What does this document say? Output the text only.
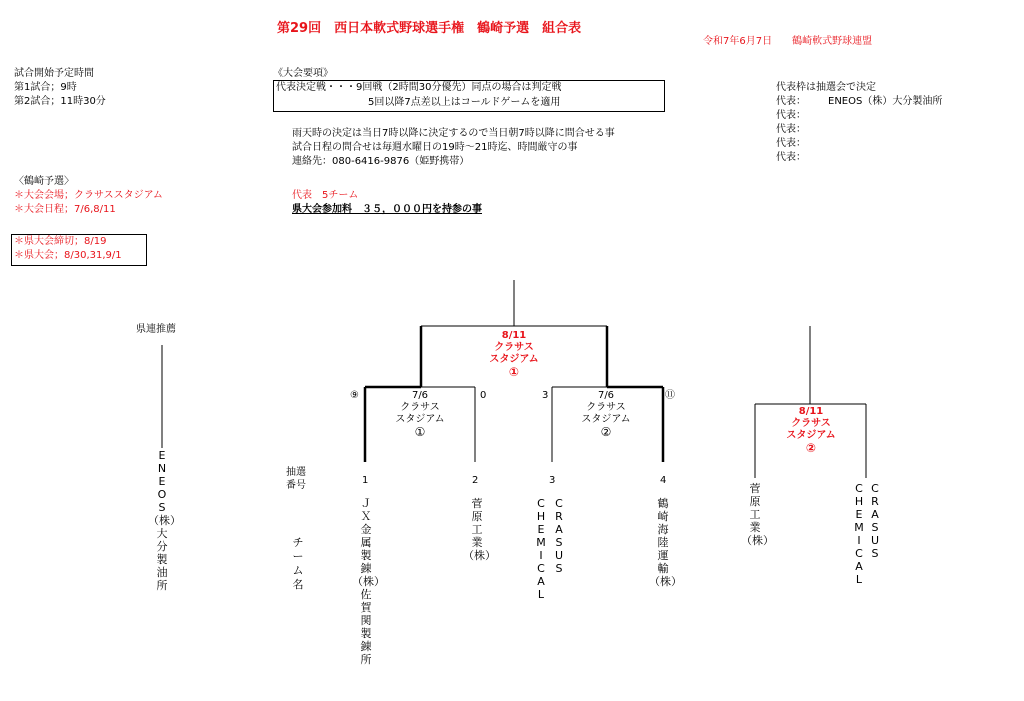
第29回　西日本軟式野球選手権　鶴崎予選　組合表
令和7年6月7日　　鶴崎軟式野球連盟
試合開始予定時間
第1試合；9時
第2試合；11時30分
《大会要項》
代表決定戦・・・9回戦（2時間30分優先）同点の場合は判定戦
5回以降7点差以上はコールドゲームを適用
雨天時の決定は当日7時以降に決定するので当日朝7時以降に問合せる事
試合日程の問合せは毎週水曜日の19時～21時迄、時間厳守の事
連絡先：080-6416-9876（姫野携帯）
代表　5チーム
県大会参加料　３５，０００円を持参の事
代表枠は抽選会で決定
代表： ENEOS（株）大分製油所
代表：
代表：
代表：
代表：
〈鶴崎予選〉
＊大会会場；クラサススタジアム
＊大会日程；7/6,8/11
＊県大会締切；8/19
＊県大会；8/30,31,9/1
県連推薦
E
N
E
O
S
（株）
大
分
製
油
所
8/11
クラサス
スタジアム
①
7/6
クラサス
スタジアム
①
⑨	0	7/6
クラサス
スタジアム
②
3	⑪
8/11
クラサス
スタジアム
②
抽選番号
チ
ー
ム
名
1	2	3	4
Ｊ
Ｘ
金
属
製
錬
（株）
佐
賀
関
製
錬
所
菅
原
工
業
（株）
C
H
E
M
I
C
A
L
C
R
A
S
U
S
鶴
崎
海
陸
運
輸
（株）
菅
原
工
業
（株）
C
H
E
M
I
C
A
L
C
R
A
S
U
S
